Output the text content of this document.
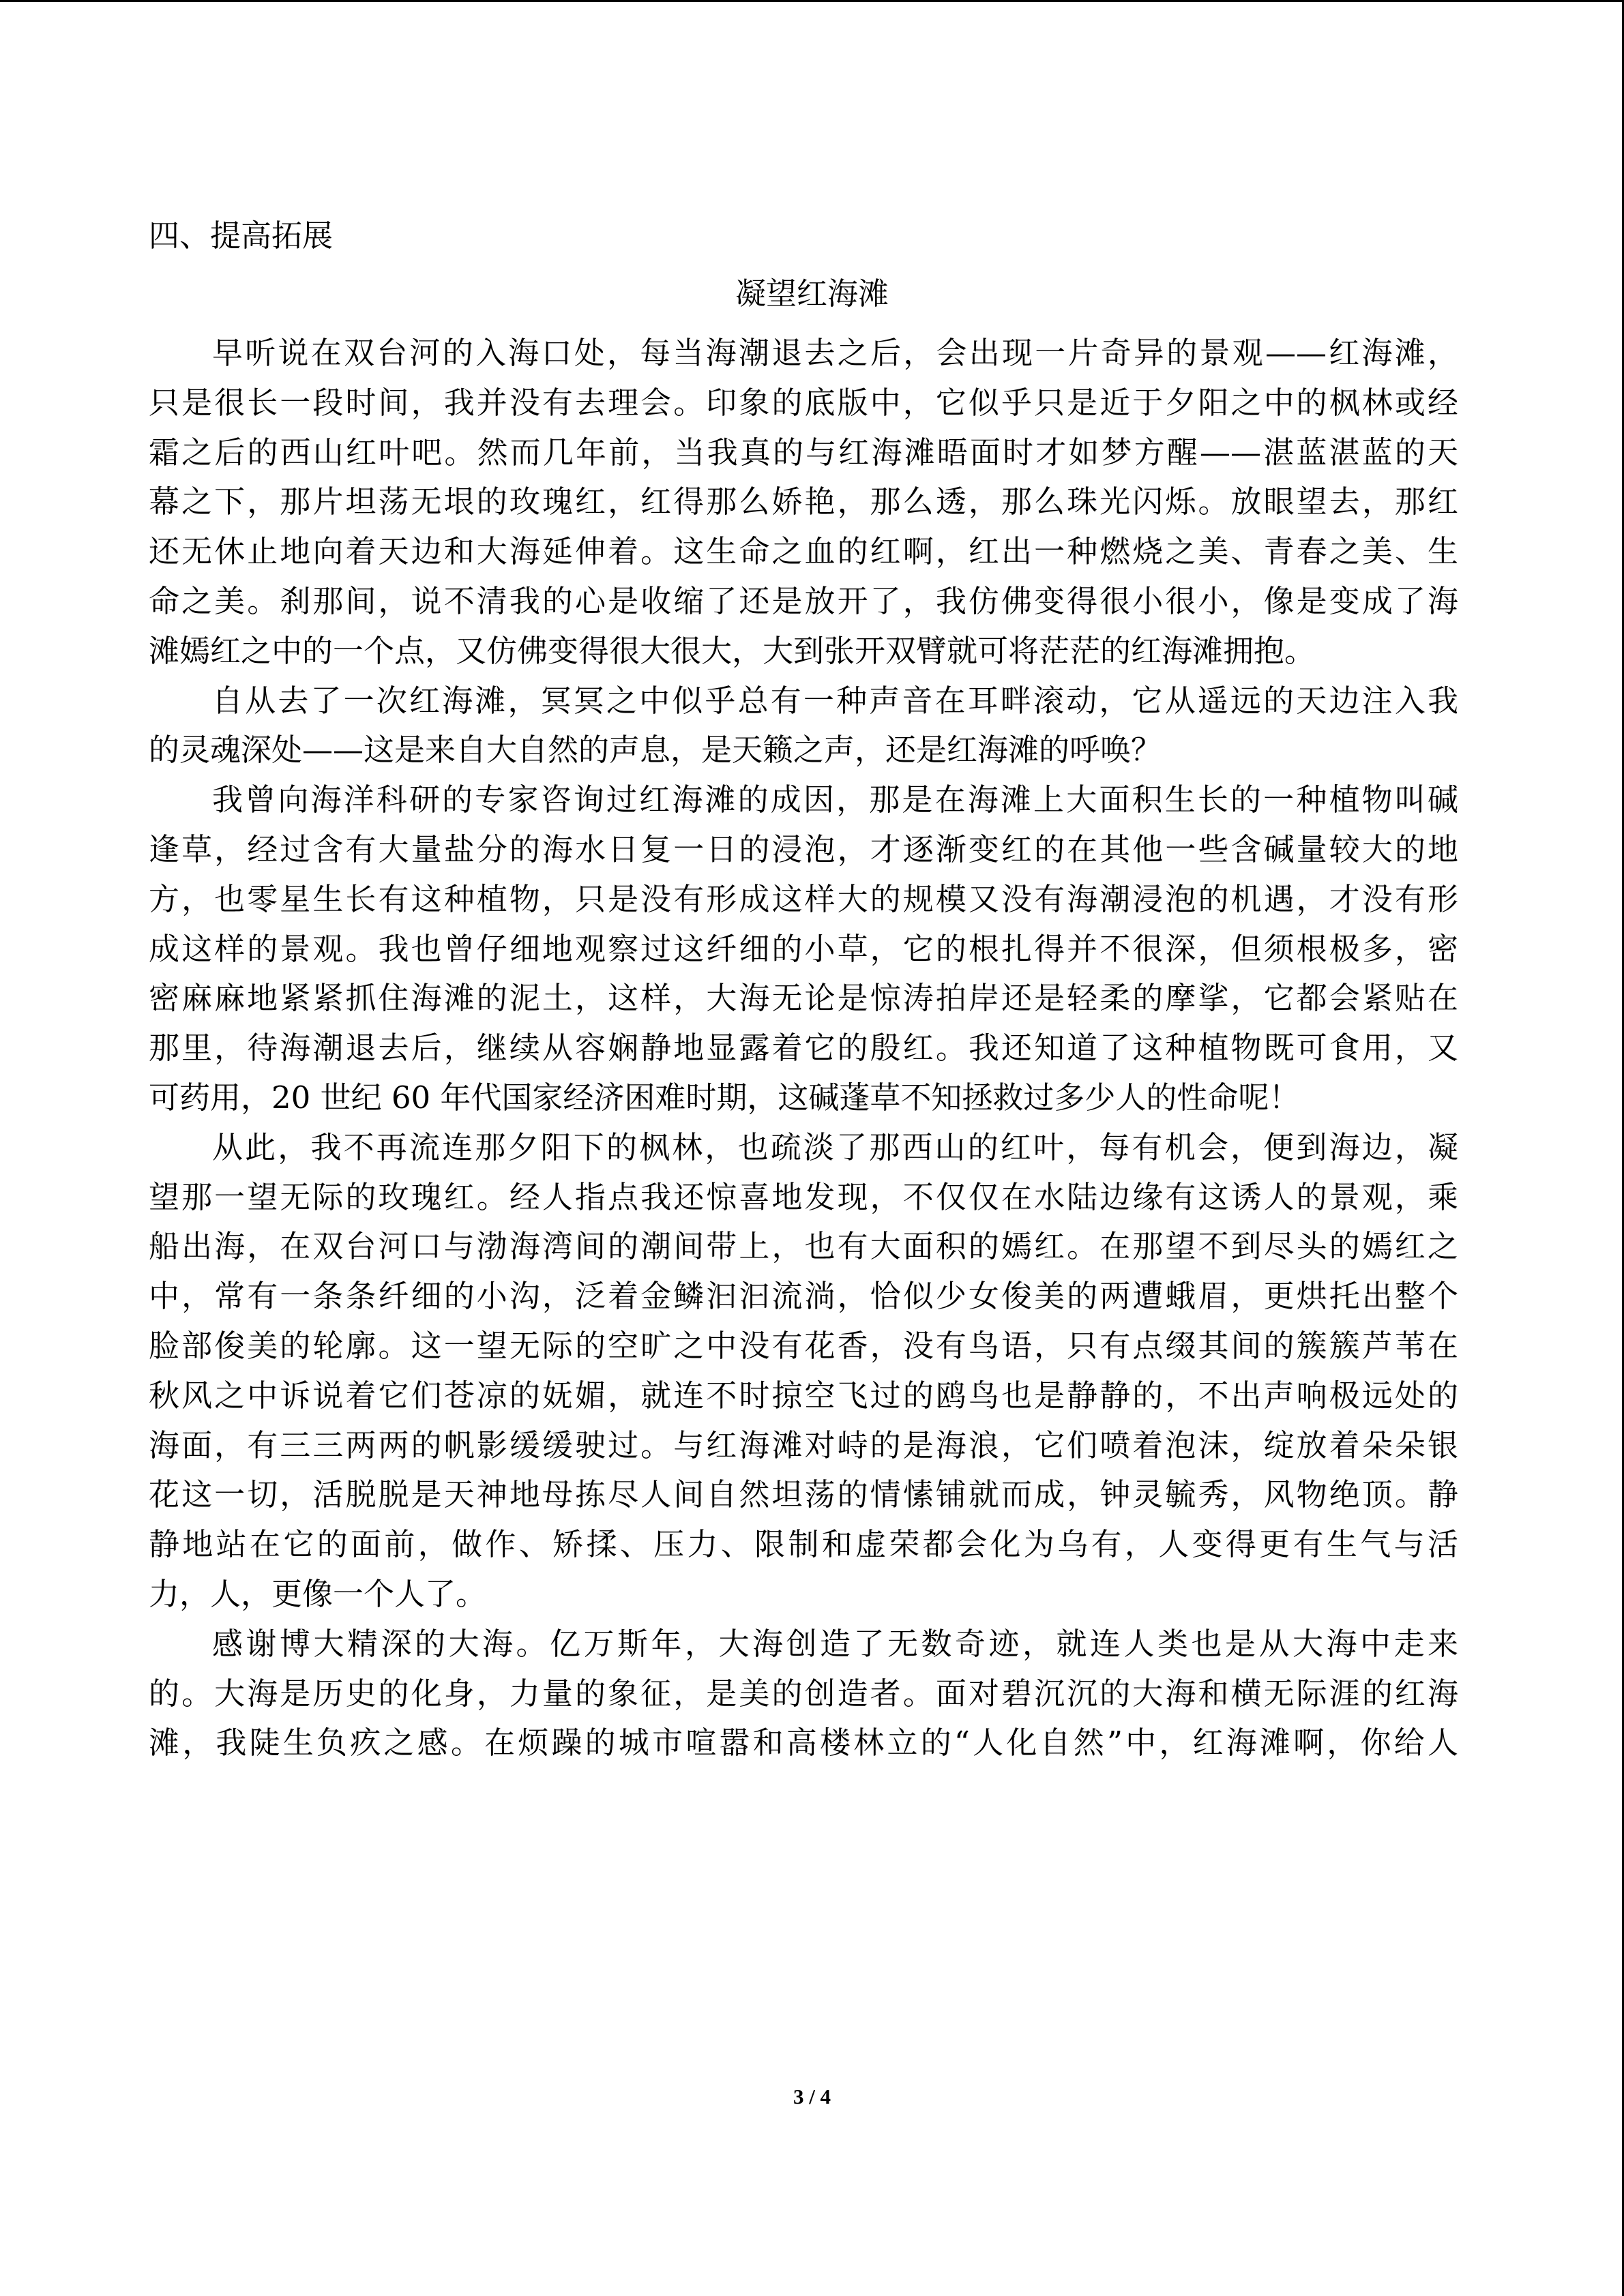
四、提高拓展
凝望红海滩
早听说在双台河的入海口处，每当海潮退去之后，会出现一片奇异的景观——红海滩，
只是很长一段时间，我并没有去理会。印象的底版中，它似乎只是近于夕阳之中的枫林或经
霜之后的西山红叶吧。然而几年前，当我真的与红海滩晤面时才如梦方醒——湛蓝湛蓝的天
幕之下，那片坦荡无垠的玫瑰红，红得那么娇艳，那么透，那么珠光闪烁。放眼望去，那红
还无休止地向着天边和大海延伸着。这生命之血的红啊，红出一种燃烧之美、青春之美、生
命之美。刹那间，说不清我的心是收缩了还是放开了，我仿佛变得很小很小，像是变成了海
滩嫣红之中的一个点，又仿佛变得很大很大，大到张开双臂就可将茫茫的红海滩拥抱。
自从去了一次红海滩，冥冥之中似乎总有一种声音在耳畔滚动，它从遥远的天边注入我
的灵魂深处——这是来自大自然的声息，是天籁之声，还是红海滩的呼唤？
我曾向海洋科研的专家咨询过红海滩的成因，那是在海滩上大面积生长的一种植物叫碱
逢草，经过含有大量盐分的海水日复一日的浸泡，才逐渐变红的在其他一些含碱量较大的地
方，也零星生长有这种植物，只是没有形成这样大的规模又没有海潮浸泡的机遇，才没有形
成这样的景观。我也曾仔细地观察过这纤细的小草，它的根扎得并不很深，但须根极多，密
密麻麻地紧紧抓住海滩的泥土，这样，大海无论是惊涛拍岸还是轻柔的摩挲，它都会紧贴在
那里，待海潮退去后，继续从容娴静地显露着它的殷红。我还知道了这种植物既可食用，又
可药用，20 世纪 60 年代国家经济困难时期，这碱蓬草不知拯救过多少人的性命呢！
从此，我不再流连那夕阳下的枫林，也疏淡了那西山的红叶，每有机会，便到海边，凝
望那一望无际的玫瑰红。经人指点我还惊喜地发现，不仅仅在水陆边缘有这诱人的景观，乘
船出海，在双台河口与渤海湾间的潮间带上，也有大面积的嫣红。在那望不到尽头的嫣红之
中，常有一条条纤细的小沟，泛着金鳞汩汩流淌，恰似少女俊美的两遭蛾眉，更烘托出整个
脸部俊美的轮廓。这一望无际的空旷之中没有花香，没有鸟语，只有点缀其间的簇簇芦苇在
秋风之中诉说着它们苍凉的妩媚，就连不时掠空飞过的鸥鸟也是静静的，不出声响极远处的
海面，有三三两两的帆影缓缓驶过。与红海滩对峙的是海浪，它们喷着泡沫，绽放着朵朵银
花这一切，活脱脱是天神地母拣尽人间自然坦荡的情愫铺就而成，钟灵毓秀，风物绝顶。静
静地站在它的面前，做作、矫揉、压力、限制和虚荣都会化为乌有，人变得更有生气与活
力，人，更像一个人了。
感谢博大精深的大海。亿万斯年，大海创造了无数奇迹，就连人类也是从大海中走来
的。大海是历史的化身，力量的象征，是美的创造者。面对碧沉沉的大海和横无际涯的红海
滩，我陡生负疚之感。在烦躁的城市喧嚣和高楼林立的“人化自然”中，红海滩啊，你给人
3 / 4
